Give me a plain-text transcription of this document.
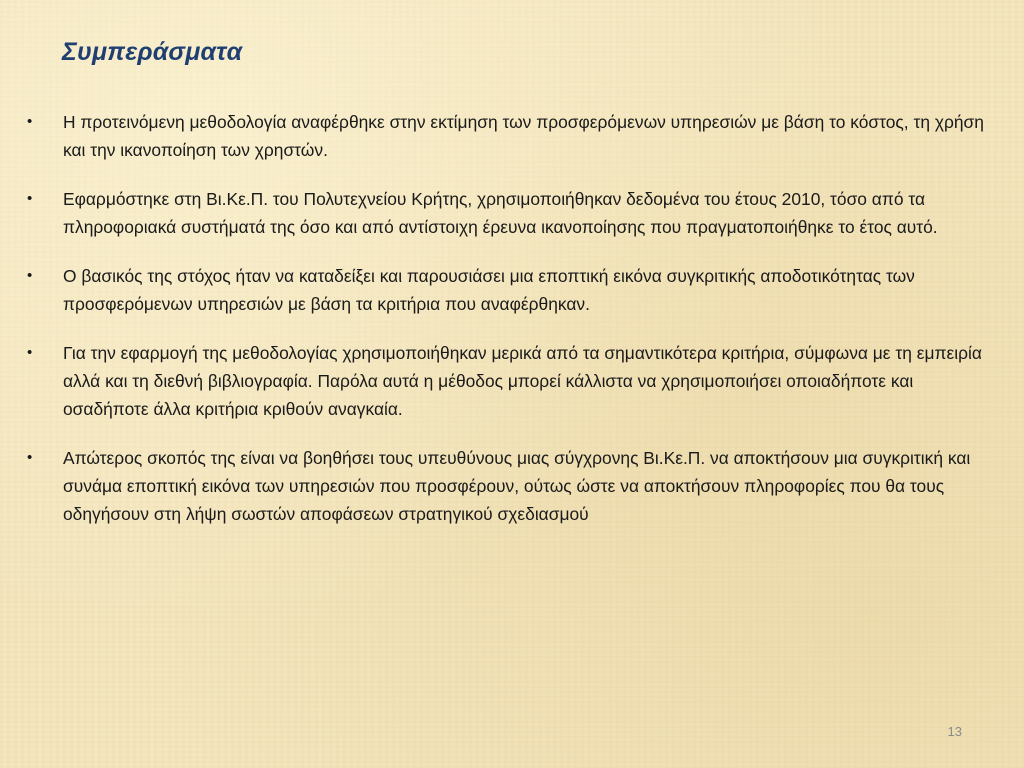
Συμπεράσματα
•	Η προτεινόμενη μεθοδολογία αναφέρθηκε στην εκτίμηση των προσφερόμενων υπηρεσιών με βάση το κόστος, τη χρήση και την ικανοποίηση των χρηστών.
•	Εφαρμόστηκε στη Βι.Κε.Π. του Πολυτεχνείου Κρήτης, χρησιμοποιήθηκαν δεδομένα του έτους 2010, τόσο από τα πληροφοριακά συστήματά της όσο και από αντίστοιχη έρευνα ικανοποίησης που πραγματοποιήθηκε το έτος αυτό.
•	Ο βασικός της στόχος ήταν να καταδείξει και παρουσιάσει μια εποπτική εικόνα συγκριτικής αποδοτικότητας των προσφερόμενων υπηρεσιών με βάση τα κριτήρια που αναφέρθηκαν.
•	Για την εφαρμογή της μεθοδολογίας χρησιμοποιήθηκαν μερικά από τα σημαντικότερα κριτήρια, σύμφωνα με τη εμπειρία αλλά και τη διεθνή βιβλιογραφία. Παρόλα αυτά η μέθοδος μπορεί κάλλιστα να χρησιμοποιήσει οποιαδήποτε και οσαδήποτε άλλα κριτήρια κριθούν αναγκαία.
•	Απώτερος σκοπός της είναι να βοηθήσει τους υπευθύνους μιας σύγχρονης Βι.Κε.Π. να αποκτήσουν μια συγκριτική και συνάμα εποπτική εικόνα των υπηρεσιών που προσφέρουν, ούτως ώστε να αποκτήσουν πληροφορίες που θα τους οδηγήσουν στη λήψη σωστών αποφάσεων στρατηγικού σχεδιασμού
13
